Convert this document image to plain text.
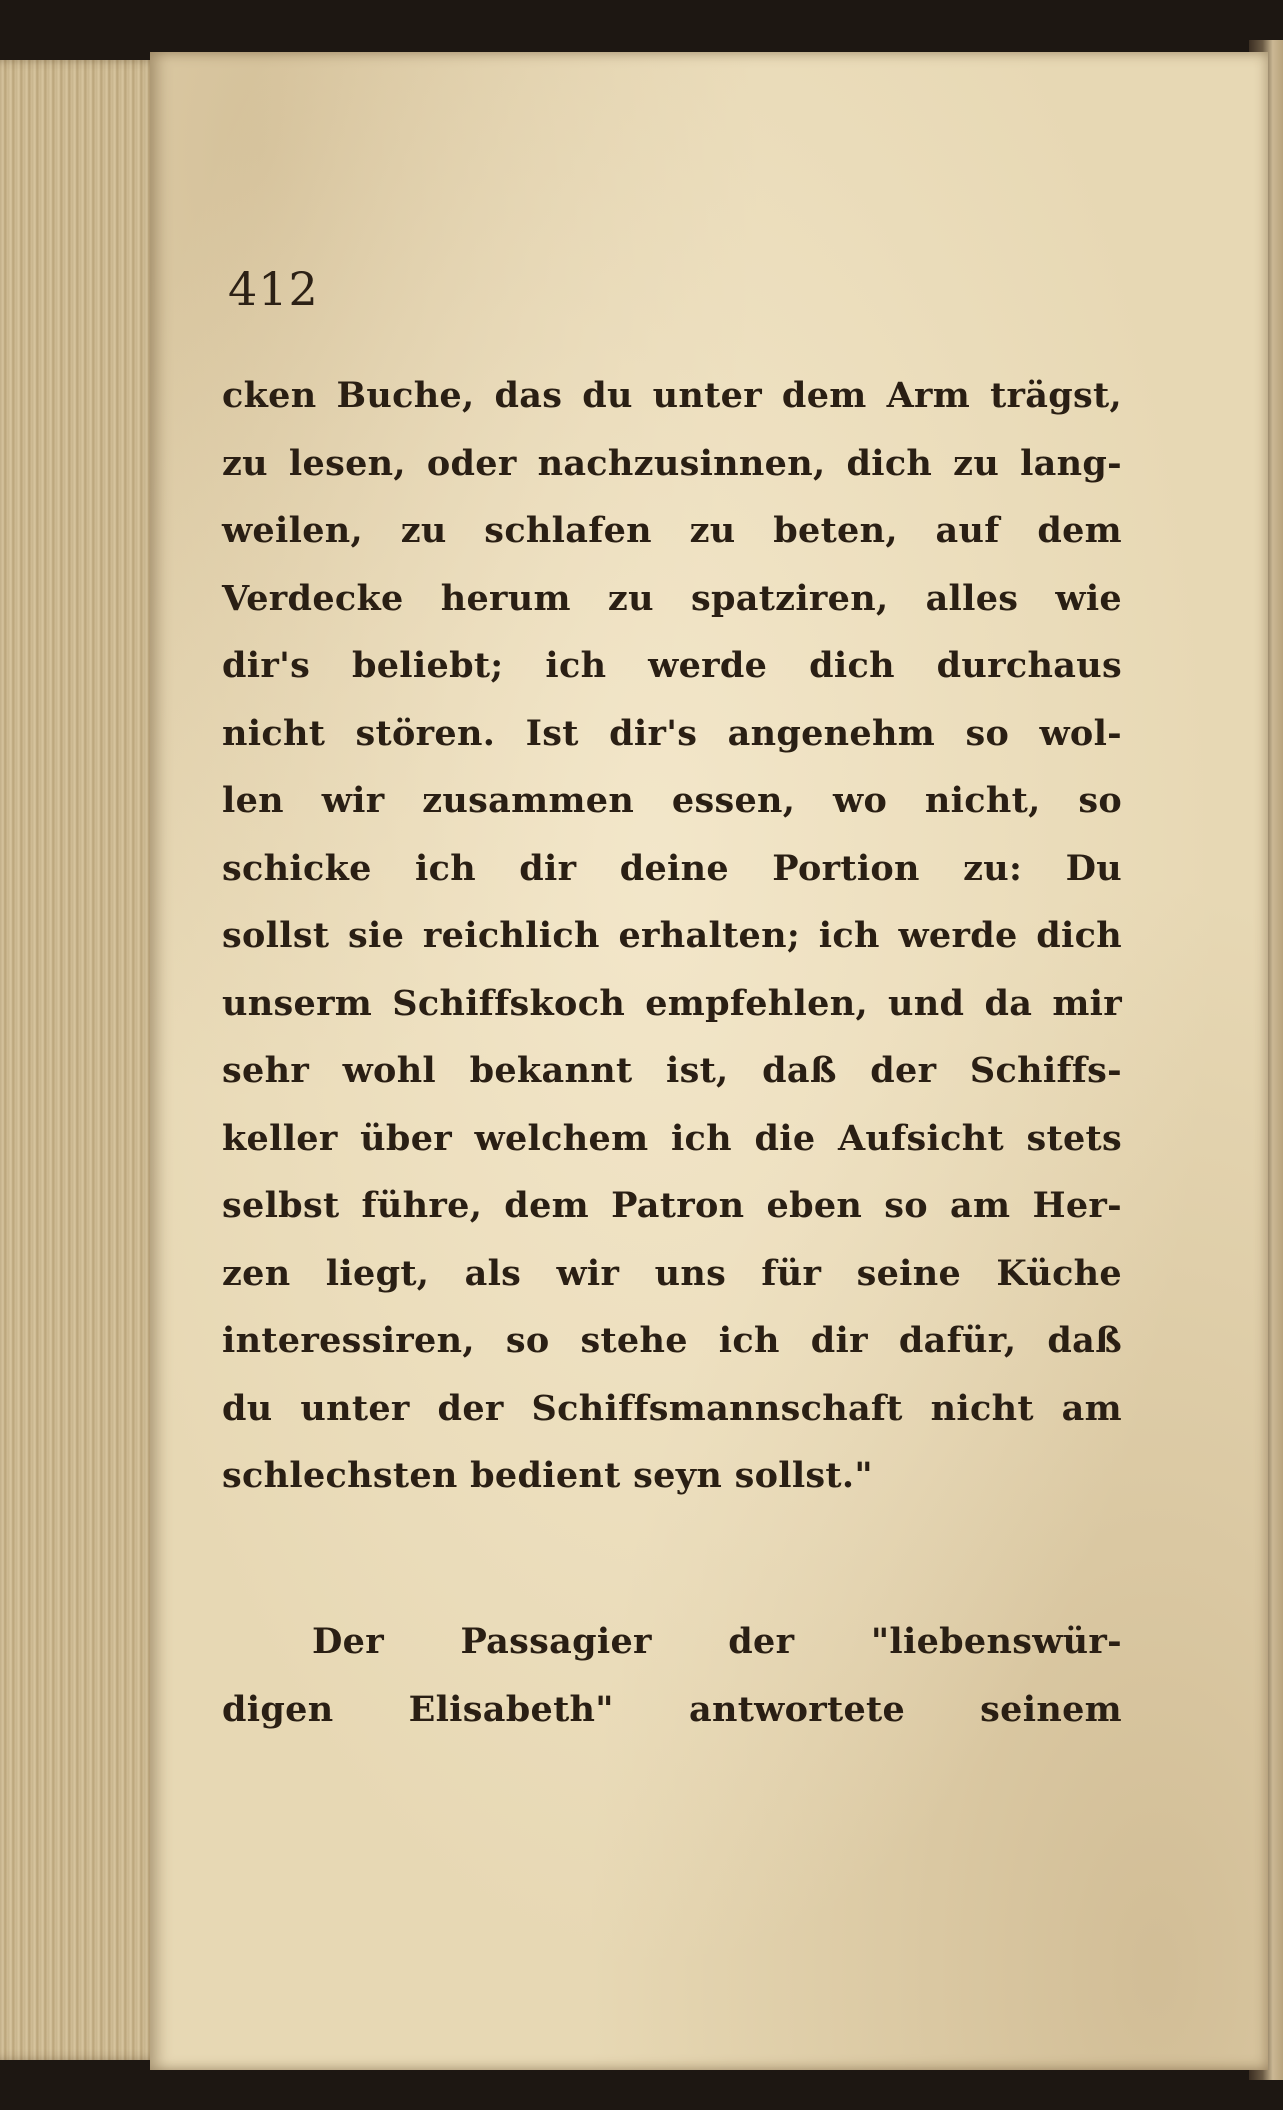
412
cken Buche, das du unter dem Arm trägst,
zu lesen, oder nachzusinnen, dich zu lang-
weilen, zu schlafen zu beten, auf dem
Verdecke herum zu spatziren, alles wie
dir's beliebt; ich werde dich durchaus
nicht stören. Ist dir's angenehm so wol-
len wir zusammen essen, wo nicht, so
schicke ich dir deine Portion zu: Du
sollst sie reichlich erhalten; ich werde dich
unserm Schiffskoch empfehlen, und da mir
sehr wohl bekannt ist, daß der Schiffs-
keller über welchem ich die Aufsicht stets
selbst führe, dem Patron eben so am Her-
zen liegt, als wir uns für seine Küche
interessiren, so stehe ich dir dafür, daß
du unter der Schiffsmannschaft nicht am
schlechsten bedient seyn sollst."
Der Passagier der "liebenswür-
digen Elisabeth" antwortete seinem
